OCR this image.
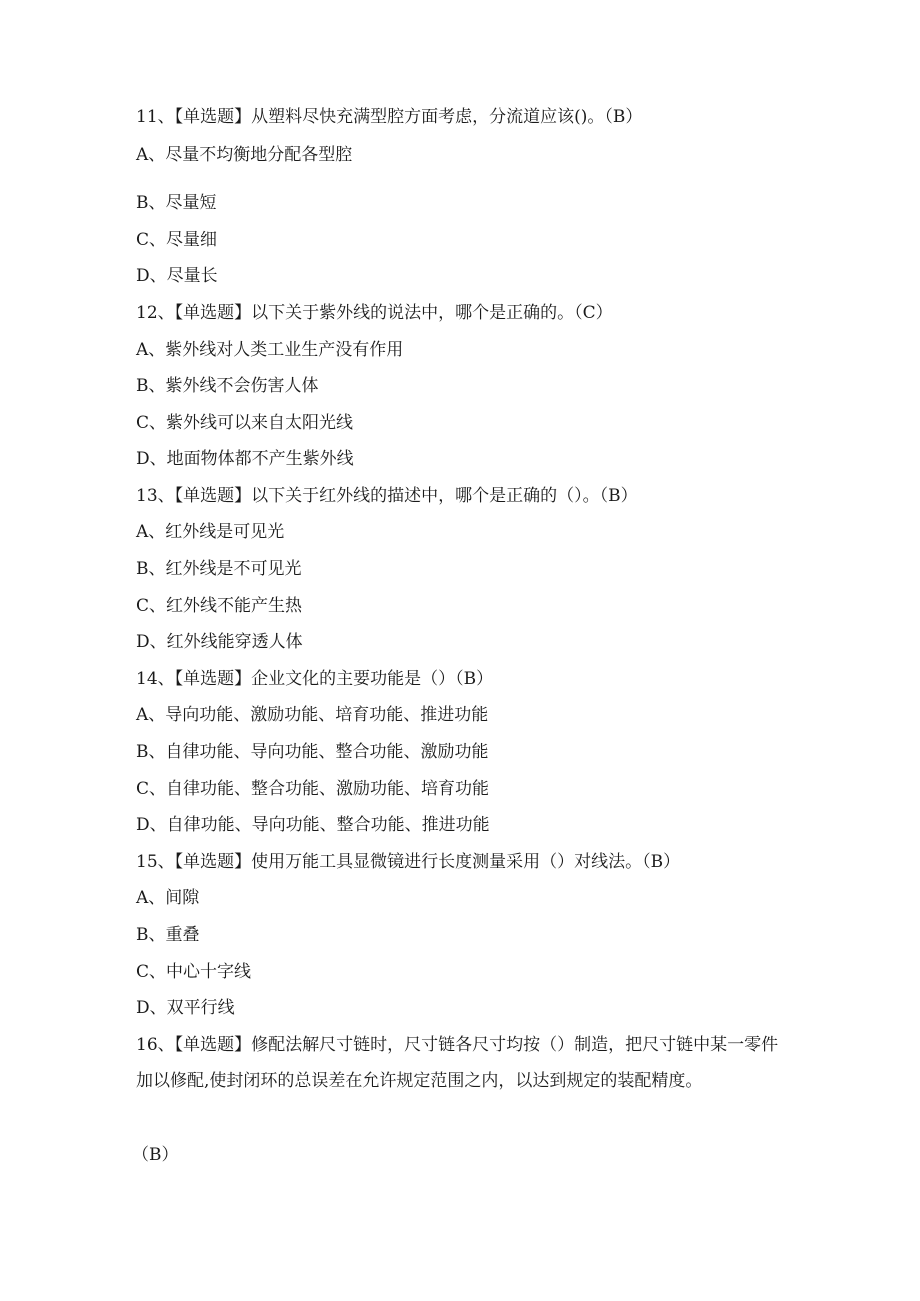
11、【单选题】从塑料尽快充满型腔方面考虑，分流道应该()。（B）
A、尽量不均衡地分配各型腔
B、尽量短
C、尽量细
D、尽量长
12、【单选题】以下关于紫外线的说法中，哪个是正确的。（C）
A、紫外线对人类工业生产没有作用
B、紫外线不会伤害人体
C、紫外线可以来自太阳光线
D、地面物体都不产生紫外线
13、【单选题】以下关于红外线的描述中，哪个是正确的（）。（B）
A、红外线是可见光
B、红外线是不可见光
C、红外线不能产生热
D、红外线能穿透人体
14、【单选题】企业文化的主要功能是（）（B）
A、导向功能、激励功能、培育功能、推进功能
B、自律功能、导向功能、整合功能、激励功能
C、自律功能、整合功能、激励功能、培育功能
D、自律功能、导向功能、整合功能、推进功能
15、【单选题】使用万能工具显微镜进行长度测量采用（）对线法。（B）
A、间隙
B、重叠
C、中心十字线
D、双平行线
16、【单选题】修配法解尺寸链时，尺寸链各尺寸均按（）制造，把尺寸链中某一零件加以修配,使封闭环的总误差在允许规定范围之内，以达到规定的装配精度。
（B）
